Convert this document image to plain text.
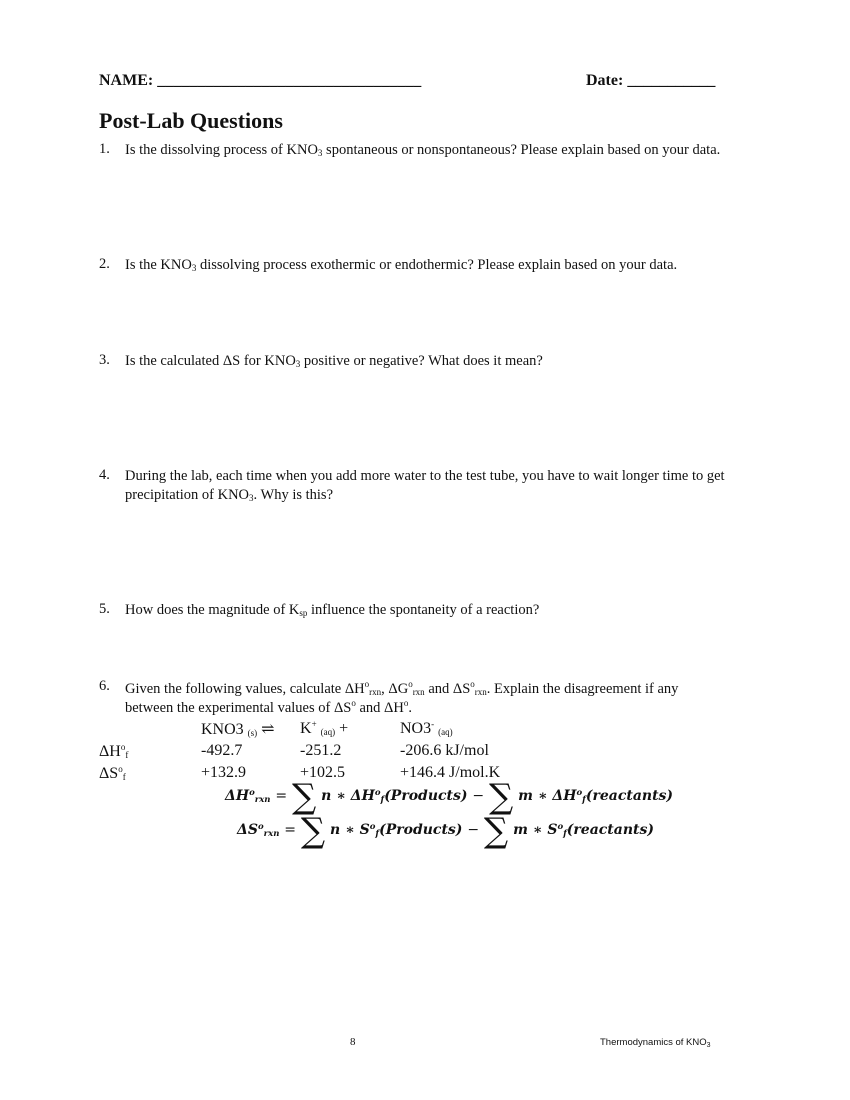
NAME: _________________________________	Date: ___________
Post-Lab Questions
1.	Is the dissolving process of $KNO_3$ spontaneous or nonspontaneous? Please explain based on your data.
2.	Is the $KNO_3$ dissolving process exothermic or endothermic? Please explain based on your data.
3.	Is the calculated ΔS for $KNO_3$ positive or negative? What does it mean?
4.	During the lab, each time when you add more water to the test tube, you have to wait longer time to get
precipitation of $KNO_3$. Why is this?
5.	How does the magnitude of $K_{sp}$ influence the spontaneity of a reaction?
6.	Given the following values, calculate $\Delta H^o_{rxn}$, $\Delta G^o_{rxn}$ and $\Delta S^o_{rxn}$. Explain the disagreement if any
between the experimental values of $\Delta S^o$ and $\Delta H^o$.
KNO3 $_{(s)}$ ⇌ K+ $_{(aq)}$ +	NO3- $_{(aq)}$
$\Delta H^o_f$	-492.7	-251.2	-206.6 kJ/mol
$\Delta S^o_f$	+132.9	+102.5	+146.4 J/mol.K
$\Delta H^orxn$ = ∑ n ∗ $\Delta H^of(Products)$ − ∑ m ∗ $\Delta H^of(reactants)$
$\Delta S^orxn$ = ∑ n ∗ $S^of(Products)$ − ∑ m ∗ $S^of(reactants)$
8	Thermodynamics of $KNO_3$
